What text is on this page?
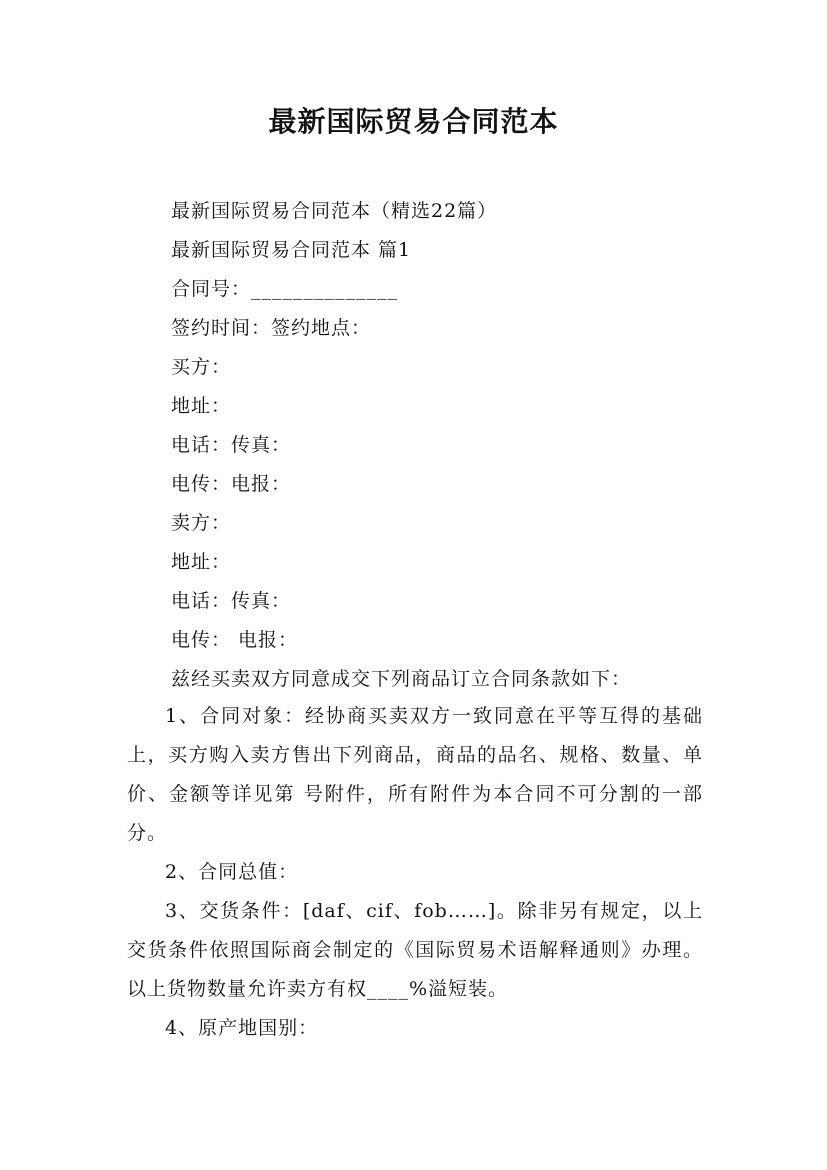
最新国际贸易合同范本
最新国际贸易合同范本（精选22篇）
最新国际贸易合同范本 篇1
合同号：______________
签约时间：签约地点：
买方：
地址：
电话：传真：
电传：电报：
卖方：
地址：
电话：传真：
电传： 电报：
兹经买卖双方同意成交下列商品订立合同条款如下：
1、合同对象：经协商买卖双方一致同意在平等互得的基础上，买方购入卖方售出下列商品，商品的品名、规格、数量、单价、金额等详见第 号附件，所有附件为本合同不可分割的一部分。
2、合同总值：
3、交货条件：[daf、cif、fob……]。除非另有规定，以上交货条件依照国际商会制定的《国际贸易术语解释通则》办理。以上货物数量允许卖方有权____%溢短装。
4、原产地国别：
